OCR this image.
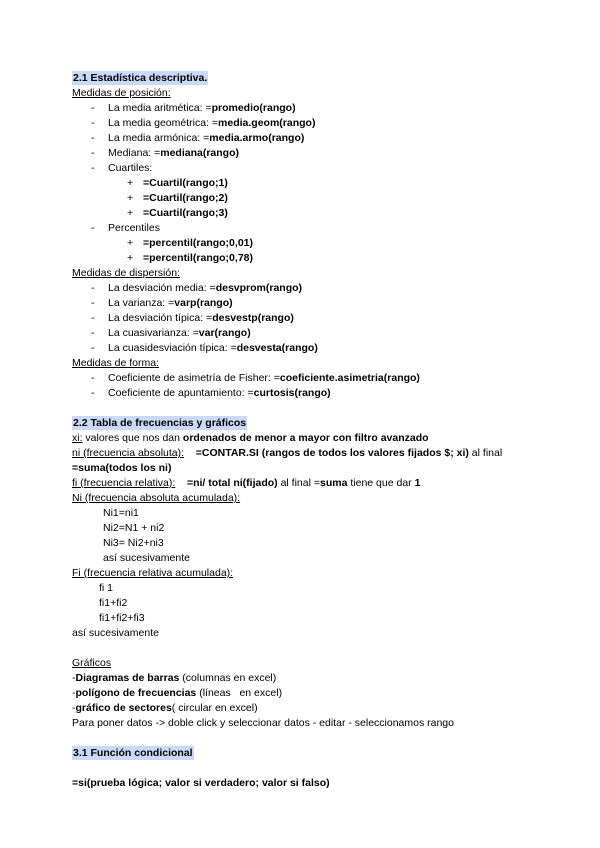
2.1 Estadística descriptiva.
Medidas de posición:
- La media aritmética: =promedio(rango)
- La media geométrica: =media.geom(rango)
- La media armónica: =media.armo(rango)
- Mediana: =mediana(rango)
- Cuartiles:
+ =Cuartil(rango;1)
+ =Cuartil(rango;2)
+ =Cuartil(rango;3)
- Percentiles
+ =percentil(rango;0,01)
+ =percentil(rango;0,78)
Medidas de dispersión:
- La desviación media: =desvprom(rango)
- La varianza: =varp(rango)
- La desviación típica: =desvestp(rango)
- La cuasivarianza: =var(rango)
- La cuasidesviación típica: =desvesta(rango)
Medidas de forma:
- Coeficiente de asimetría de Fisher: =coeficiente.asimetria(rango)
- Coeficiente de apuntamiento: =curtosis(rango)
2.2 Tabla de frecuencias y gráficos
xi: valores que nos dan ordenados de menor a mayor con filtro avanzado
ni (frecuencia absoluta): =CONTAR.SI (rangos de todos los valores fijados $; xi) al final
=suma(todos los ni)
fi (frecuencia relativa): =ni/ total ni(fijado) al final =suma tiene que dar 1
Ni (frecuencia absoluta acumulada):
Ni1=ni1
Ni2=N1 + ni2
Ni3= Ni2+ni3
así sucesivamente
Fi (frecuencia relativa acumulada):
fi 1
fi1+fi2
fi1+fi2+fi3
así sucesivamente
Gráficos
-Diagramas de barras (columnas en excel)
-polígono de frecuencias (líneas   en excel)
-gráfico de sectores( circular en excel)
Para poner datos -> doble click y seleccionar datos - editar - seleccionamos rango
3.1 Función condicional
=si(prueba lógica; valor si verdadero; valor si falso)
